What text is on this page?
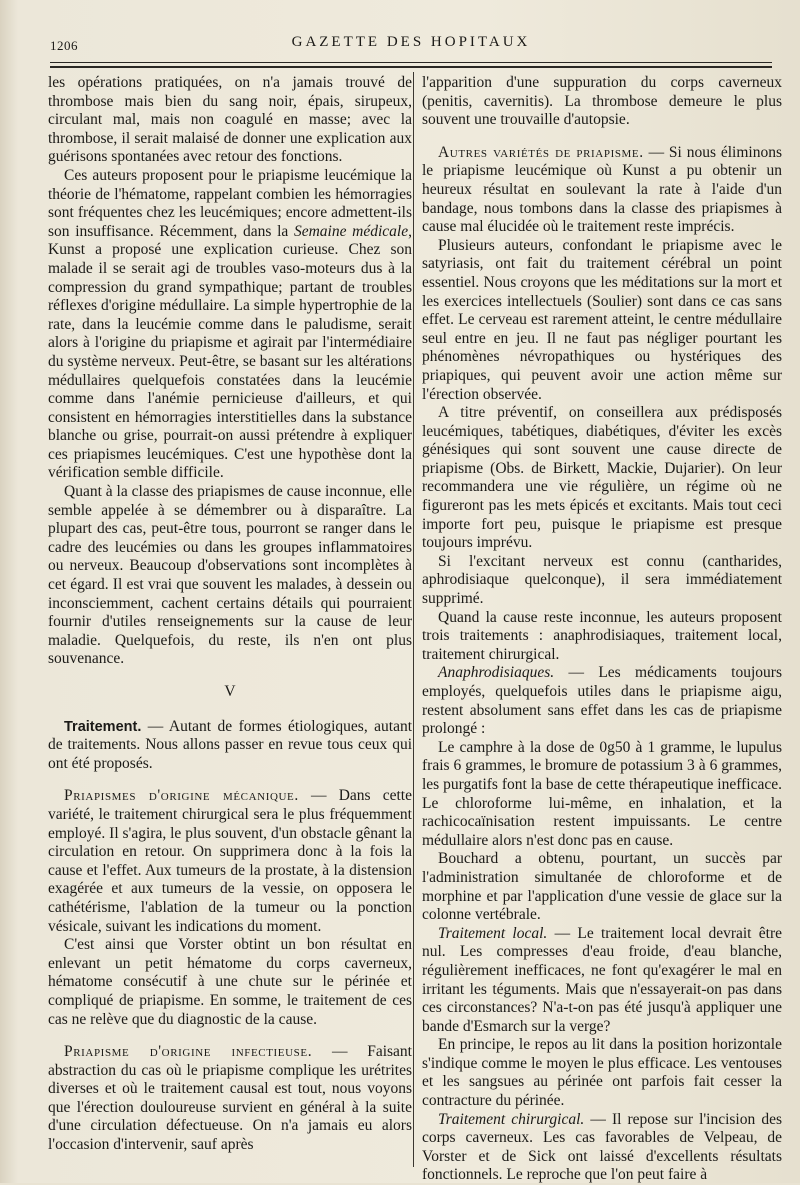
1206	GAZETTE DES HOPITAUX

les opérations pratiquées, on n'a jamais trouvé de thrombose mais bien du sang noir, épais, sirupeux, circulant mal, mais non coagulé en masse; avec la thrombose, il serait malaisé de donner une explication aux guérisons spontanées avec retour des fonctions.

Ces auteurs proposent pour le priapisme leucémique la théorie de l'hématome, rappelant combien les hémorragies sont fréquentes chez les leucémiques; encore admettent-ils son insuffisance. Récemment, dans la Semaine médicale, Kunst a proposé une explication curieuse. Chez son malade il se serait agi de troubles vaso-moteurs dus à la compression du grand sympathique; partant de troubles réflexes d'origine médullaire. La simple hypertrophie de la rate, dans la leucémie comme dans le paludisme, serait alors à l'origine du priapisme et agirait par l'intermédiaire du système nerveux. Peut-être, se basant sur les altérations médullaires quelquefois constatées dans la leucémie comme dans l'anémie pernicieuse d'ailleurs, et qui consistent en hémorragies interstitielles dans la substance blanche ou grise, pourrait-on aussi prétendre à expliquer ces priapismes leucémiques. C'est une hypothèse dont la vérification semble difficile.

Quant à la classe des priapismes de cause inconnue, elle semble appelée à se démembrer ou à disparaître. La plupart des cas, peut-être tous, pourront se ranger dans le cadre des leucémies ou dans les groupes inflammatoires ou nerveux. Beaucoup d'observations sont incomplètes à cet égard. Il est vrai que souvent les malades, à dessein ou inconsciemment, cachent certains détails qui pourraient fournir d'utiles renseignements sur la cause de leur maladie. Quelquefois, du reste, ils n'en ont plus souvenance.

V

Traitement. — Autant de formes étiologiques, autant de traitements. Nous allons passer en revue tous ceux qui ont été proposés.

Priapismes d'origine mécanique. — Dans cette variété, le traitement chirurgical sera le plus fréquemment employé. Il s'agira, le plus souvent, d'un obstacle gênant la circulation en retour. On supprimera donc à la fois la cause et l'effet. Aux tumeurs de la prostate, à la distension exagérée et aux tumeurs de la vessie, on opposera le cathétérisme, l'ablation de la tumeur ou la ponction vésicale, suivant les indications du moment.

C'est ainsi que Vorster obtint un bon résultat en enlevant un petit hématome du corps caverneux, hématome consécutif à une chute sur le périnée et compliqué de priapisme. En somme, le traitement de ces cas ne relève que du diagnostic de la cause.

Priapisme d'origine infectieuse. — Faisant abstraction du cas où le priapisme complique les urétrites diverses et où le traitement causal est tout, nous voyons que l'érection douloureuse survient en général à la suite d'une circulation défectueuse. On n'a jamais eu alors l'occasion d'intervenir, sauf après

l'apparition d'une suppuration du corps caverneux (penitis, cavernitis). La thrombose demeure le plus souvent une trouvaille d'autopsie.

Autres variétés de priapisme. — Si nous éliminons le priapisme leucémique où Kunst a pu obtenir un heureux résultat en soulevant la rate à l'aide d'un bandage, nous tombons dans la classe des priapismes à cause mal élucidée où le traitement reste imprécis.

Plusieurs auteurs, confondant le priapisme avec le satyriasis, ont fait du traitement cérébral un point essentiel. Nous croyons que les méditations sur la mort et les exercices intellectuels (Soulier) sont dans ce cas sans effet. Le cerveau est rarement atteint, le centre médullaire seul entre en jeu. Il ne faut pas négliger pourtant les phénomènes névropathiques ou hystériques des priapiques, qui peuvent avoir une action même sur l'érection observée.

A titre préventif, on conseillera aux prédisposés leucémiques, tabétiques, diabétiques, d'éviter les excès génésiques qui sont souvent une cause directe de priapisme (Obs. de Birkett, Mackie, Dujarier). On leur recommandera une vie régulière, un régime où ne figureront pas les mets épicés et excitants. Mais tout ceci importe fort peu, puisque le priapisme est presque toujours imprévu.

Si l'excitant nerveux est connu (cantharides, aphrodisiaque quelconque), il sera immédiatement supprimé.

Quand la cause reste inconnue, les auteurs proposent trois traitements : anaphrodisiaques, traitement local, traitement chirurgical.

Anaphrodisiaques. — Les médicaments toujours employés, quelquefois utiles dans le priapisme aigu, restent absolument sans effet dans les cas de priapisme prolongé :

Le camphre à la dose de 0g50 à 1 gramme, le lupulus frais 6 grammes, le bromure de potassium 3 à 6 grammes, les purgatifs font la base de cette thérapeutique inefficace. Le chloroforme lui-même, en inhalation, et la rachicocaïnisation restent impuissants. Le centre médullaire alors n'est donc pas en cause.

Bouchard a obtenu, pourtant, un succès par l'administration simultanée de chloroforme et de morphine et par l'application d'une vessie de glace sur la colonne vertébrale.

Traitement local. — Le traitement local devrait être nul. Les compresses d'eau froide, d'eau blanche, régulièrement inefficaces, ne font qu'exagérer le mal en irritant les téguments. Mais que n'essayerait-on pas dans ces circonstances? N'a-t-on pas été jusqu'à appliquer une bande d'Esmarch sur la verge?

En principe, le repos au lit dans la position horizontale s'indique comme le moyen le plus efficace. Les ventouses et les sangsues au périnée ont parfois fait cesser la contracture du périnée.

Traitement chirurgical. — Il repose sur l'incision des corps caverneux. Les cas favorables de Velpeau, de Vorster et de Sick ont laissé d'excellents résultats fonctionnels. Le reproche que l'on peut faire à
